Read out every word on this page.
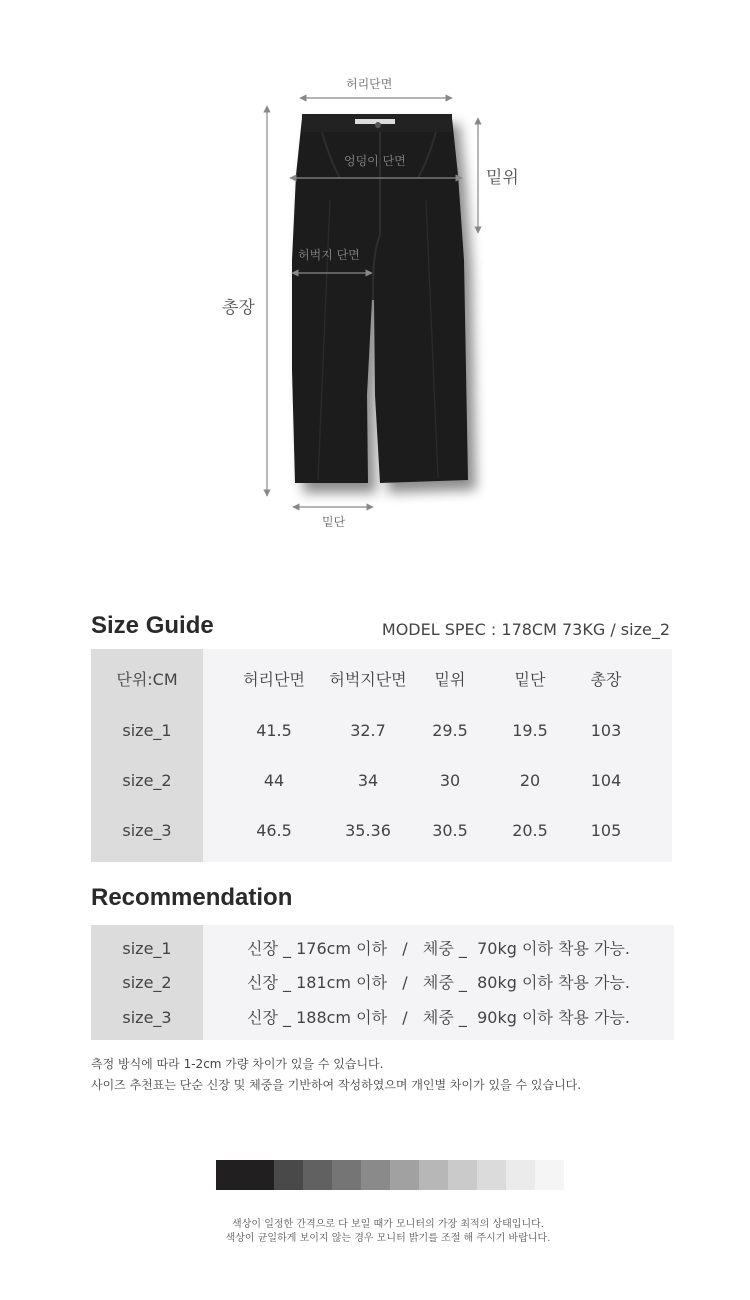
허리단면
밑위
엉덩이 단면
허벅지 단면
총장
밑단
Size Guide	MODEL SPEC : 178CM 73KG / size_2
단위:CM	허리단면	허벅지단면	밑위	밑단	총장
size_1	41.5	32.7	29.5	19.5	103
size_2	44	34	30	20	104
size_3	46.5	35.36	30.5	20.5	105
Recommendation
size_1	신장 _ 176cm 이하   /   체중 _  70kg 이하 착용 가능.
size_2	신장 _ 181cm 이하   /   체중 _  80kg 이하 착용 가능.
size_3	신장 _ 188cm 이하   /   체중 _  90kg 이하 착용 가능.
측정 방식에 따라 1-2cm 가량 차이가 있을 수 있습니다.
사이즈 추천표는 단순 신장 및 체중을 기반하여 작성하였으며 개인별 차이가 있을 수 있습니다.
색상이 일정한 간격으로 다 보일 때가 모니터의 가장 최적의 상태입니다.
색상이 균일하게 보이지 않는 경우 모니터 밝기를 조절 해 주시기 바랍니다.
